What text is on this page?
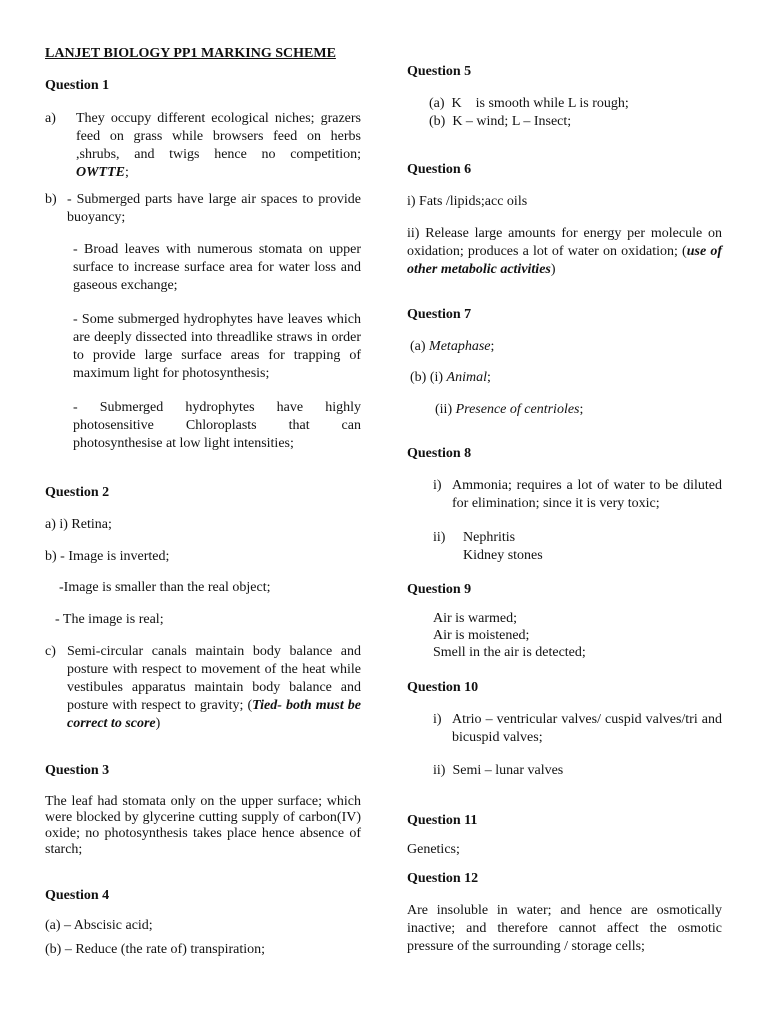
LANJET BIOLOGY PP1 MARKING SCHEME
Question 1
a)	They occupy different ecological niches; grazers feed on grass while browsers feed on herbs ,shrubs, and twigs hence no competition; OWTTE;
b) - Submerged parts have large air spaces to provide buoyancy;
- Broad leaves with numerous stomata on upper surface to increase surface area for water loss and gaseous exchange;
- Some submerged hydrophytes have leaves which are deeply dissected into threadlike straws in order to provide large surface areas for trapping of maximum light for photosynthesis;
- Submerged hydrophytes have highly photosensitive Chloroplasts that can photosynthesise at low light intensities;
Question 2
a) i) Retina;
b) - Image is inverted;
-Image is smaller than the real object;
- The image is real;
c) Semi-circular canals maintain body balance and posture with respect to movement of the heat while vestibules apparatus maintain body balance and posture with respect to gravity; (Tied- both must be correct to score)
Question 3
The leaf had stomata only on the upper surface; which were blocked by glycerine cutting supply of carbon(IV) oxide; no photosynthesis takes place hence absence of starch;
Question 4
(a) – Abscisic acid;
(b) – Reduce (the rate of) transpiration;
Question 5
(a)  K    is smooth while L is rough;
(b)  K – wind; L – Insect;
Question 6
i) Fats /lipids;acc oils
ii) Release large amounts for energy per molecule on oxidation; produces a lot of water on oxidation; (use of other metabolic activities)
Question 7
(a) Metaphase;
(b) (i) Animal;
(ii) Presence of centrioles;
Question 8
i) Ammonia; requires a lot of water to be diluted for elimination; since it is very toxic;
ii) Nephritis
Kidney stones
Question 9
Air is warmed;
Air is moistened;
Smell in the air is detected;
Question 10
i) Atrio – ventricular valves/ cuspid valves/tri and bicuspid valves;
ii)  Semi – lunar valves
Question 11
Genetics;
Question 12
Are insoluble in water; and hence are osmotically inactive; and therefore cannot affect the osmotic pressure of the surrounding / storage cells;
